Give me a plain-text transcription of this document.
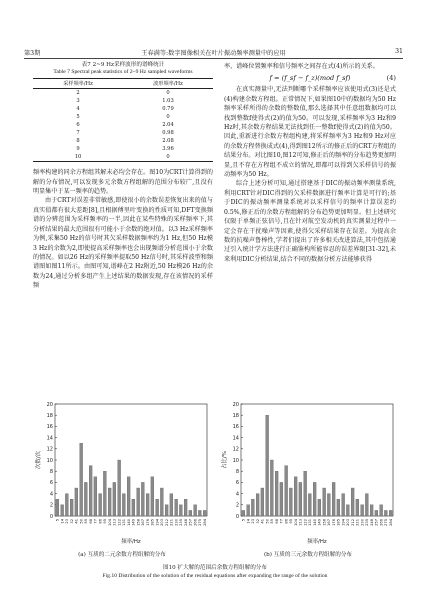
第3期	王春满等:数字图像相关在叶片振动频率测量中的应用	31
表7 2~9 Hz采样波形的谱峰统计
Table 7 Spectral peak statistics of 2~9 Hz sampled waveforms
采样频率/Hz	波形频率/Hz
2	0
3	1.03
4	0.79
5	0
6	2.04
7	0.98
8	2.08
9	3.96
10	0

频率构建的同余方程组其解未必均会存在。图10为CRT计算得到的解的分布情况,可以发现多元余数方程组解的范围分布较广,且没有明显集中于某一频率的趋势。

由于CRT对误差非常敏感,即使很小的余数误差恢复出来的值与真实值都有很大差距[8],且根据傅里叶变换的性质可知,DFT变换频谱的分辨范围为采样频率的一半,因此在某些特殊的采样频率下,其分析结果的最大范围很有可能小于余数的绝对值。以3 Hz采样频率为例,采集50 Hz的信号时其欠采样数据频率约为1 Hz,但50 Hz模3 Hz的余数为2,即使提高采样频率也会出现频谱分析范围小于余数的情况。如以26 Hz的采样频率提取50 Hz信号时,其采样波型和频谱图如图11所示。由图可知,谱峰在2 Hz附近,50 Hz模26 Hz的余数为24,通过分析多组产生上述结果的数据发现,存在该情况的采样频

率、谱峰位置频率和信号频率之间存在式(4)所示的关系。

f = (f_sf − f_z)(mod f_sf)	(4)

在真实测量中,无法判断哪个采样频率应该使用式(3)还是式(4)构建余数方程组。正常情况下,如果图10中的数据均为50 Hz频率采样所得的余数的整数值,那么选择其中任意组数据均可以找到整数f使得式(2)的值为50。可以发现,采样频率为3 Hz和9 Hz时,其余数方程结果无法找到任一整数f使得式(2)的值为50。因此,重新进行余数方程组构建,将采样频率为3 Hz和9 Hz对应的余数方程替换成式(4),得到图12所示的修正后的CRT方程组的结果分布。对比图10,图12可知,修正后的频率的分布趋势更加明显,且不存在方程组不成立的情况,即都可以得到欠采样信号的振动频率为50 Hz。

综合上述分析可知,通过搭建基于DIC的振动频率测量系统,利用CRT针对DIC得到的欠采样数据进行频率计算是可行的;基于DIC的振动频率测量系统对以采样信号的频率计算误差约0.5%,修正后的余数方程组解的分布趋势更加明显。但上述研究仅限于单频正弦信号,且在针对航空发动机的真实测量过程中一定会存在干扰噪声等因素,使得欠采样结果存在误差。为提高余数的抗噪声鲁棒性,学者们提出了许多相关改进算法,其中包括通过引入统计学方法进行正确鉴构所能容忍的误差界限[31-32],未来利用DIC分析结果,结合不同的数据分析方法能够获得

0
2
4
6
8
10
12
14
16
18
20
5 14 23 32 41 50 59 68 77 86 95 104 113 122 131 140 149 158 167 176 185 194 203 212 221 230 239 248 257 266 275 284
频率/Hz
次数/次
0
2
4
6
8
10
12
14
16
18
20
5 14 23 32 41 50 59 68 77 86 95 104 113 122 131 140 149 158 167 176 185 194 203 212 221 230 239 248 257 266 275 284
频率/Hz
占比/%
(a) 互质的二元余数方程组解的分布	(b) 互质的三元余数方程组解的分布
图10 扩大解的范围后余数方程组解的分布
Fig.10 Distribution of the solution of the residual equations after expanding the range of the solution
